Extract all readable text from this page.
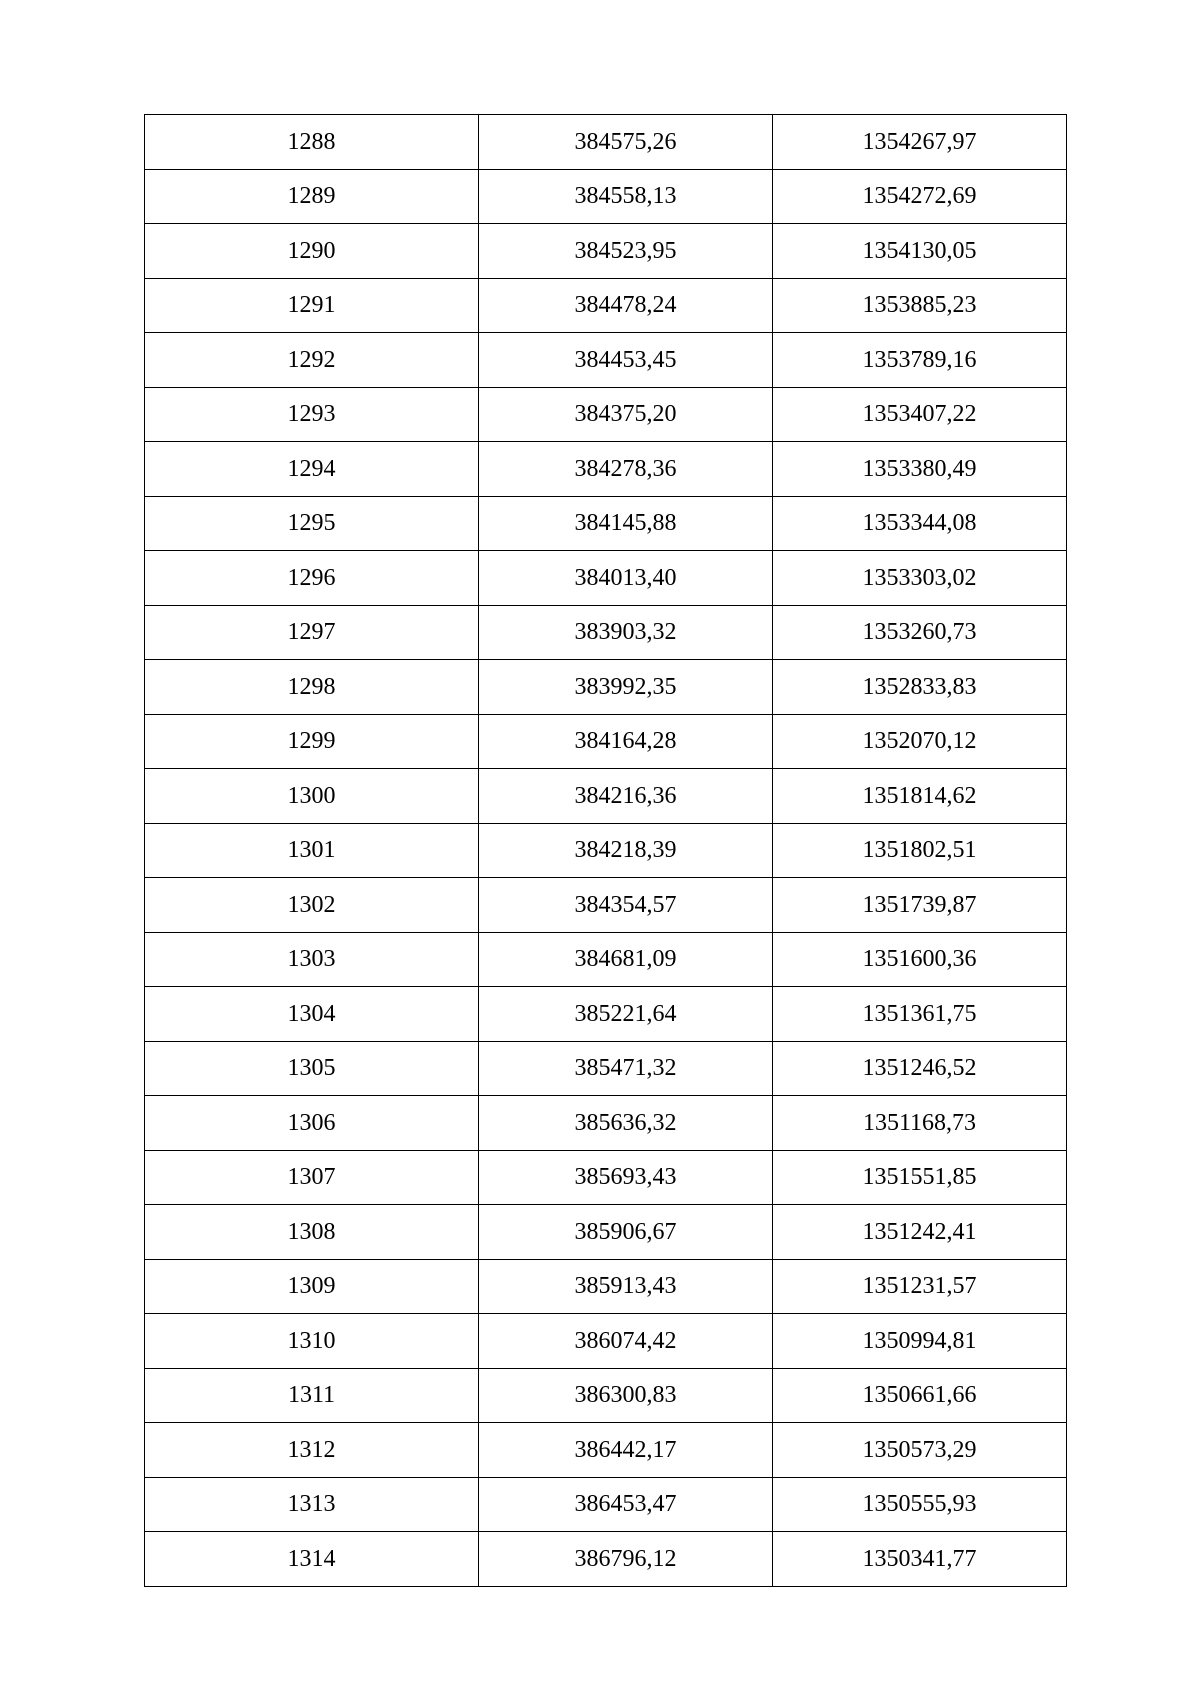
1288	384575,26	1354267,97
1289	384558,13	1354272,69
1290	384523,95	1354130,05
1291	384478,24	1353885,23
1292	384453,45	1353789,16
1293	384375,20	1353407,22
1294	384278,36	1353380,49
1295	384145,88	1353344,08
1296	384013,40	1353303,02
1297	383903,32	1353260,73
1298	383992,35	1352833,83
1299	384164,28	1352070,12
1300	384216,36	1351814,62
1301	384218,39	1351802,51
1302	384354,57	1351739,87
1303	384681,09	1351600,36
1304	385221,64	1351361,75
1305	385471,32	1351246,52
1306	385636,32	1351168,73
1307	385693,43	1351551,85
1308	385906,67	1351242,41
1309	385913,43	1351231,57
1310	386074,42	1350994,81
1311	386300,83	1350661,66
1312	386442,17	1350573,29
1313	386453,47	1350555,93
1314	386796,12	1350341,77
